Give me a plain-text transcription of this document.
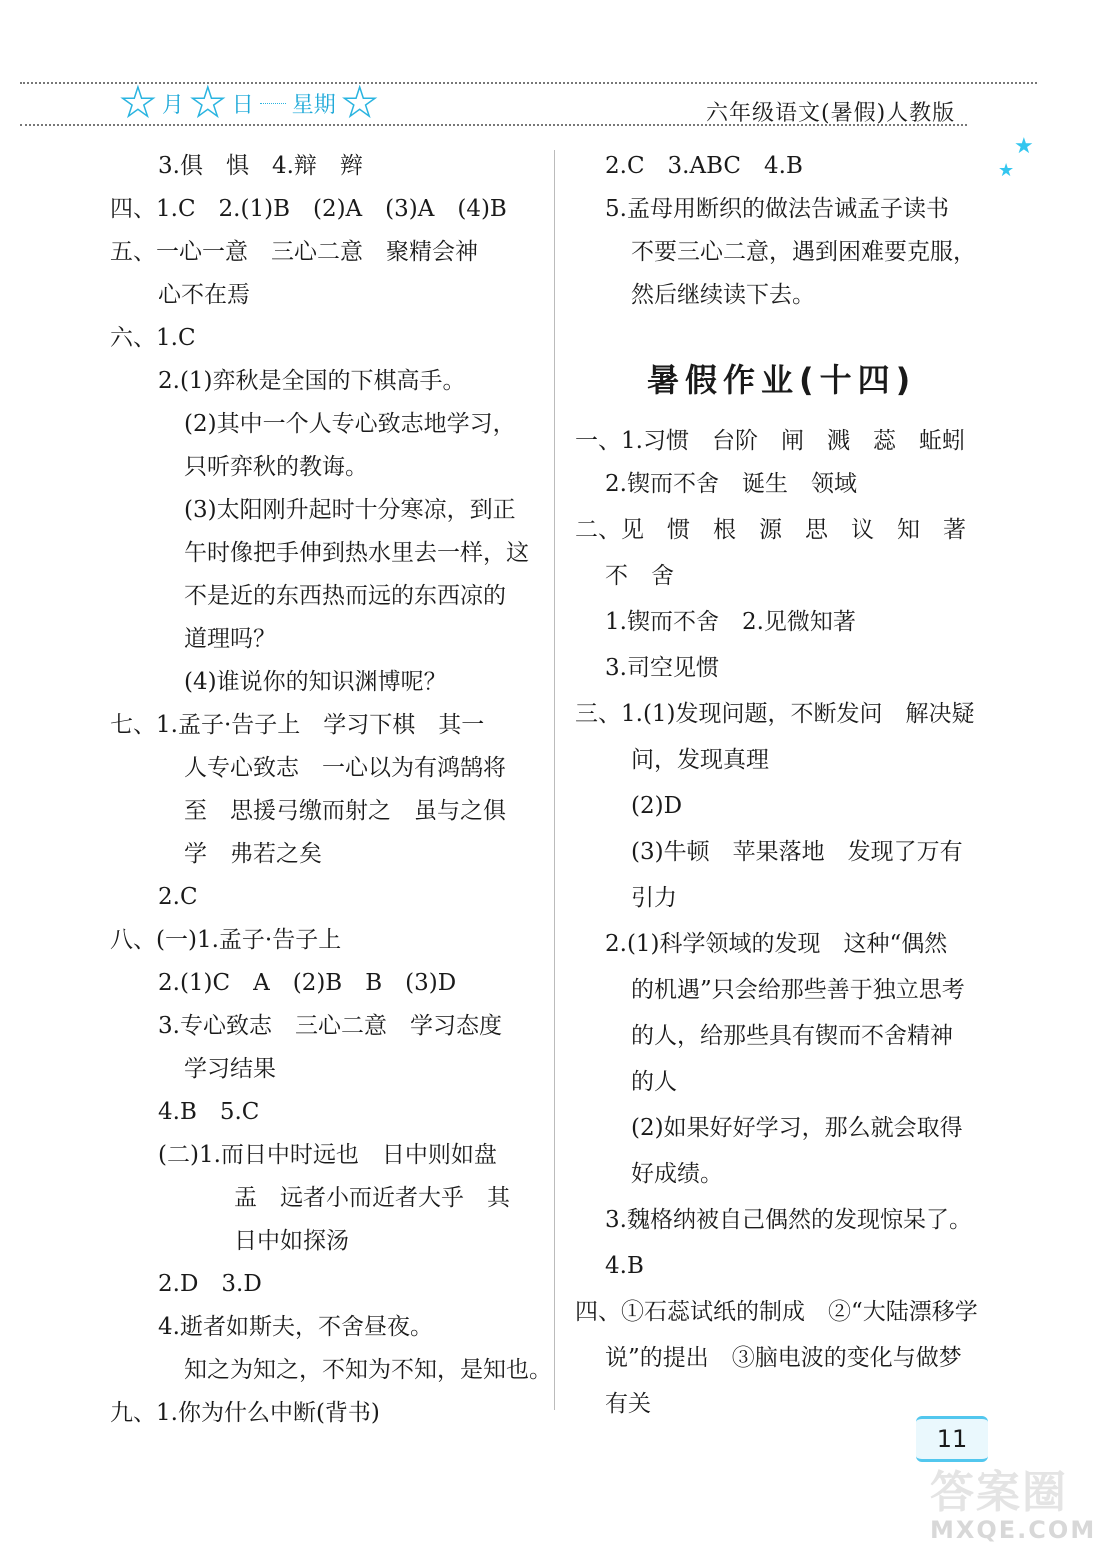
★ 月 ★ 日 星期 ★	六年级语文(暑假)人教版
★
★
3.俱　惧　4.辩　辫
四、1.C　2.(1)B　(2)A　(3)A　(4)B
五、一心一意　三心二意　聚精会神
心不在焉
六、1.C
2.(1)弈秋是全国的下棋高手。
(2)其中一个人专心致志地学习，
只听弈秋的教诲。
(3)太阳刚升起时十分寒凉，到正
午时像把手伸到热水里去一样，这
不是近的东西热而远的东西凉的
道理吗？
(4)谁说你的知识渊博呢？
七、1.孟子·告子上　学习下棋　其一
人专心致志　一心以为有鸿鹄将
至　思援弓缴而射之　虽与之俱
学　弗若之矣
2.C
八、(一)1.孟子·告子上
2.(1)C　A　(2)B　B　(3)D
3.专心致志　三心二意　学习态度
学习结果
4.B　5.C
(二)1.而日中时远也　日中则如盘
盂　远者小而近者大乎　其
日中如探汤
2.D　3.D
4.逝者如斯夫，不舍昼夜。
知之为知之，不知为不知，是知也。
九、1.你为什么中断(背书)
2.C　3.ABC　4.B
5.孟母用断织的做法告诫孟子读书
不要三心二意，遇到困难要克服，
然后继续读下去。
暑假作业(十四)
一、1.习惯　台阶　闸　溅　蕊　蚯蚓
2.锲而不舍　诞生　领域
二、见　惯　根　源　思　议　知　著
不　舍
1.锲而不舍　2.见微知著
3.司空见惯
三、1.(1)发现问题，不断发问　解决疑
问，发现真理
(2)D
(3)牛顿　苹果落地　发现了万有
引力
2.(1)科学领域的发现　这种“偶然
的机遇”只会给那些善于独立思考
的人，给那些具有锲而不舍精神
的人
(2)如果好好学习，那么就会取得
好成绩。
3.魏格纳被自己偶然的发现惊呆了。
4.B
四、①石蕊试纸的制成　②“大陆漂移学
说”的提出　③脑电波的变化与做梦
有关
11
答案圈
MXQE.COM
